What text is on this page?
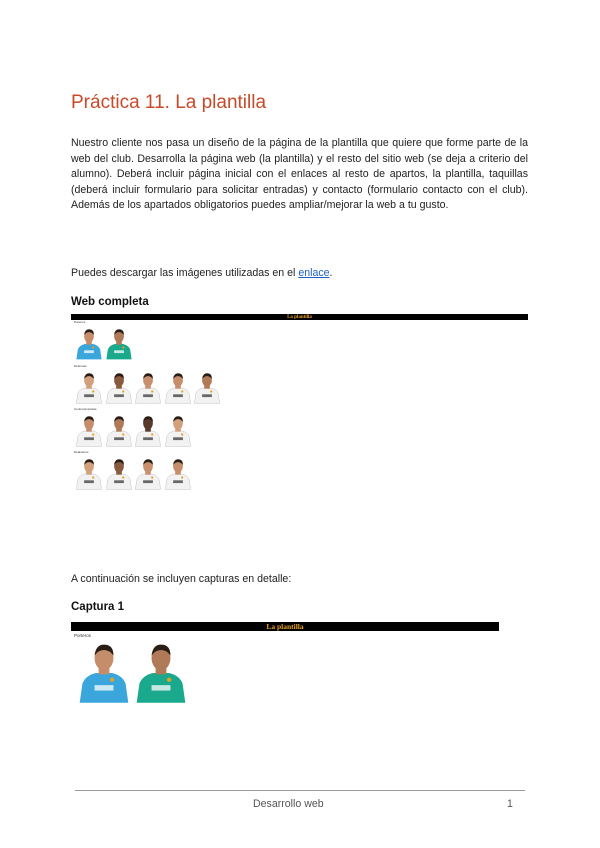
Práctica 11. La plantilla
Nuestro cliente nos pasa un diseño de la página de la plantilla que quiere que forme parte de la web del club. Desarrolla la página web (la plantilla) y el resto del sitio web (se deja a criterio del alumno). Deberá incluir página inicial con el enlaces al resto de apartos, la plantilla, taquillas (deberá incluir formulario para solicitar entradas) y contacto (formulario contacto con el club). Además de los apartados obligatorios puedes ampliar/mejorar la web a tu gusto.
Puedes descargar las imágenes utilizadas en el enlace.
Web completa
La plantilla
Porteros
Defensas
Centrocampistas
Delanteros
A continuación se incluyen capturas en detalle:
Captura 1
La plantilla
Porteros
Desarrollo web	1
